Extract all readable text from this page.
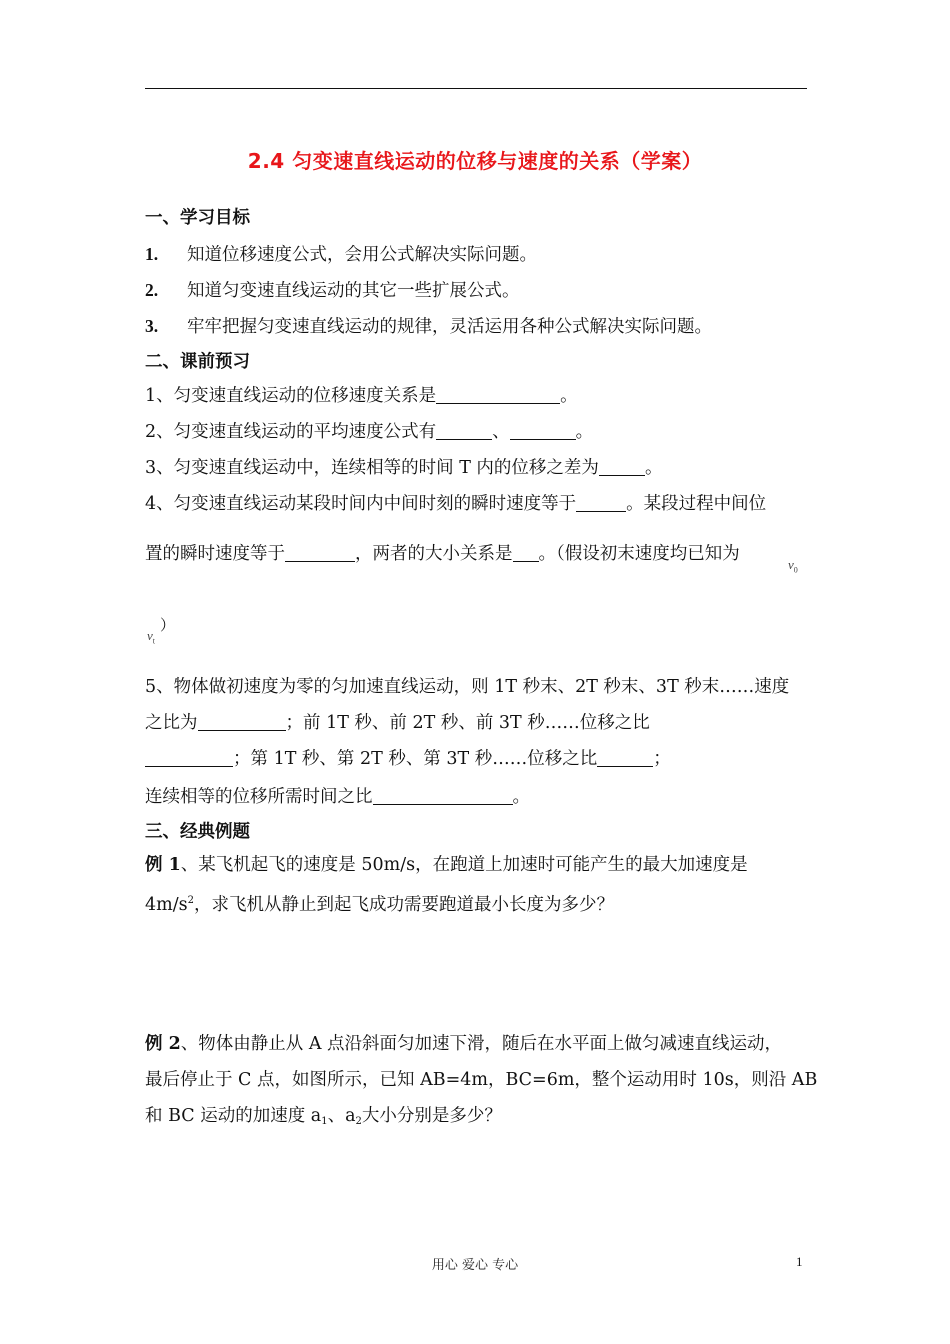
2.4 匀变速直线运动的位移与速度的关系（学案）
一、学习目标
1. 知道位移速度公式，会用公式解决实际问题。
2. 知道匀变速直线运动的其它一些扩展公式。
3. 牢牢把握匀变速直线运动的规律，灵活运用各种公式解决实际问题。
二、课前预习
1、匀变速直线运动的位移速度关系是	。
2、匀变速直线运动的平均速度公式有	、	。
3、匀变速直线运动中，连续相等的时间 T 内的位移之差为	。
4、匀变速直线运动某段时间内中间时刻的瞬时速度等于	。某段过程中间位
置的瞬时速度等于	，两者的大小关系是 。（假设初末速度均已知为
$v_0$
$v_t$
）
5、物体做初速度为零的匀加速直线运动，则 1T 秒末、2T 秒末、3T 秒末……速度
之比为	；前 1T 秒、前 2T 秒、前 3T 秒……位移之比
；第 1T 秒、第 2T 秒、第 3T 秒……位移之比	；
连续相等的位移所需时间之比	。
三、经典例题
例 1、某飞机起飞的速度是 50m/s，在跑道上加速时可能产生的最大加速度是
$4m/s^2$，求飞机从静止到起飞成功需要跑道最小长度为多少？
例 2、物体由静止从 A 点沿斜面匀加速下滑，随后在水平面上做匀减速直线运动，
最后停止于 C 点，如图所示，已知 AB=4m，BC=6m，整个运动用时 10s，则沿 AB
和 BC 运动的加速度 a1、a2大小分别是多少？
用心 爱心 专心	1
